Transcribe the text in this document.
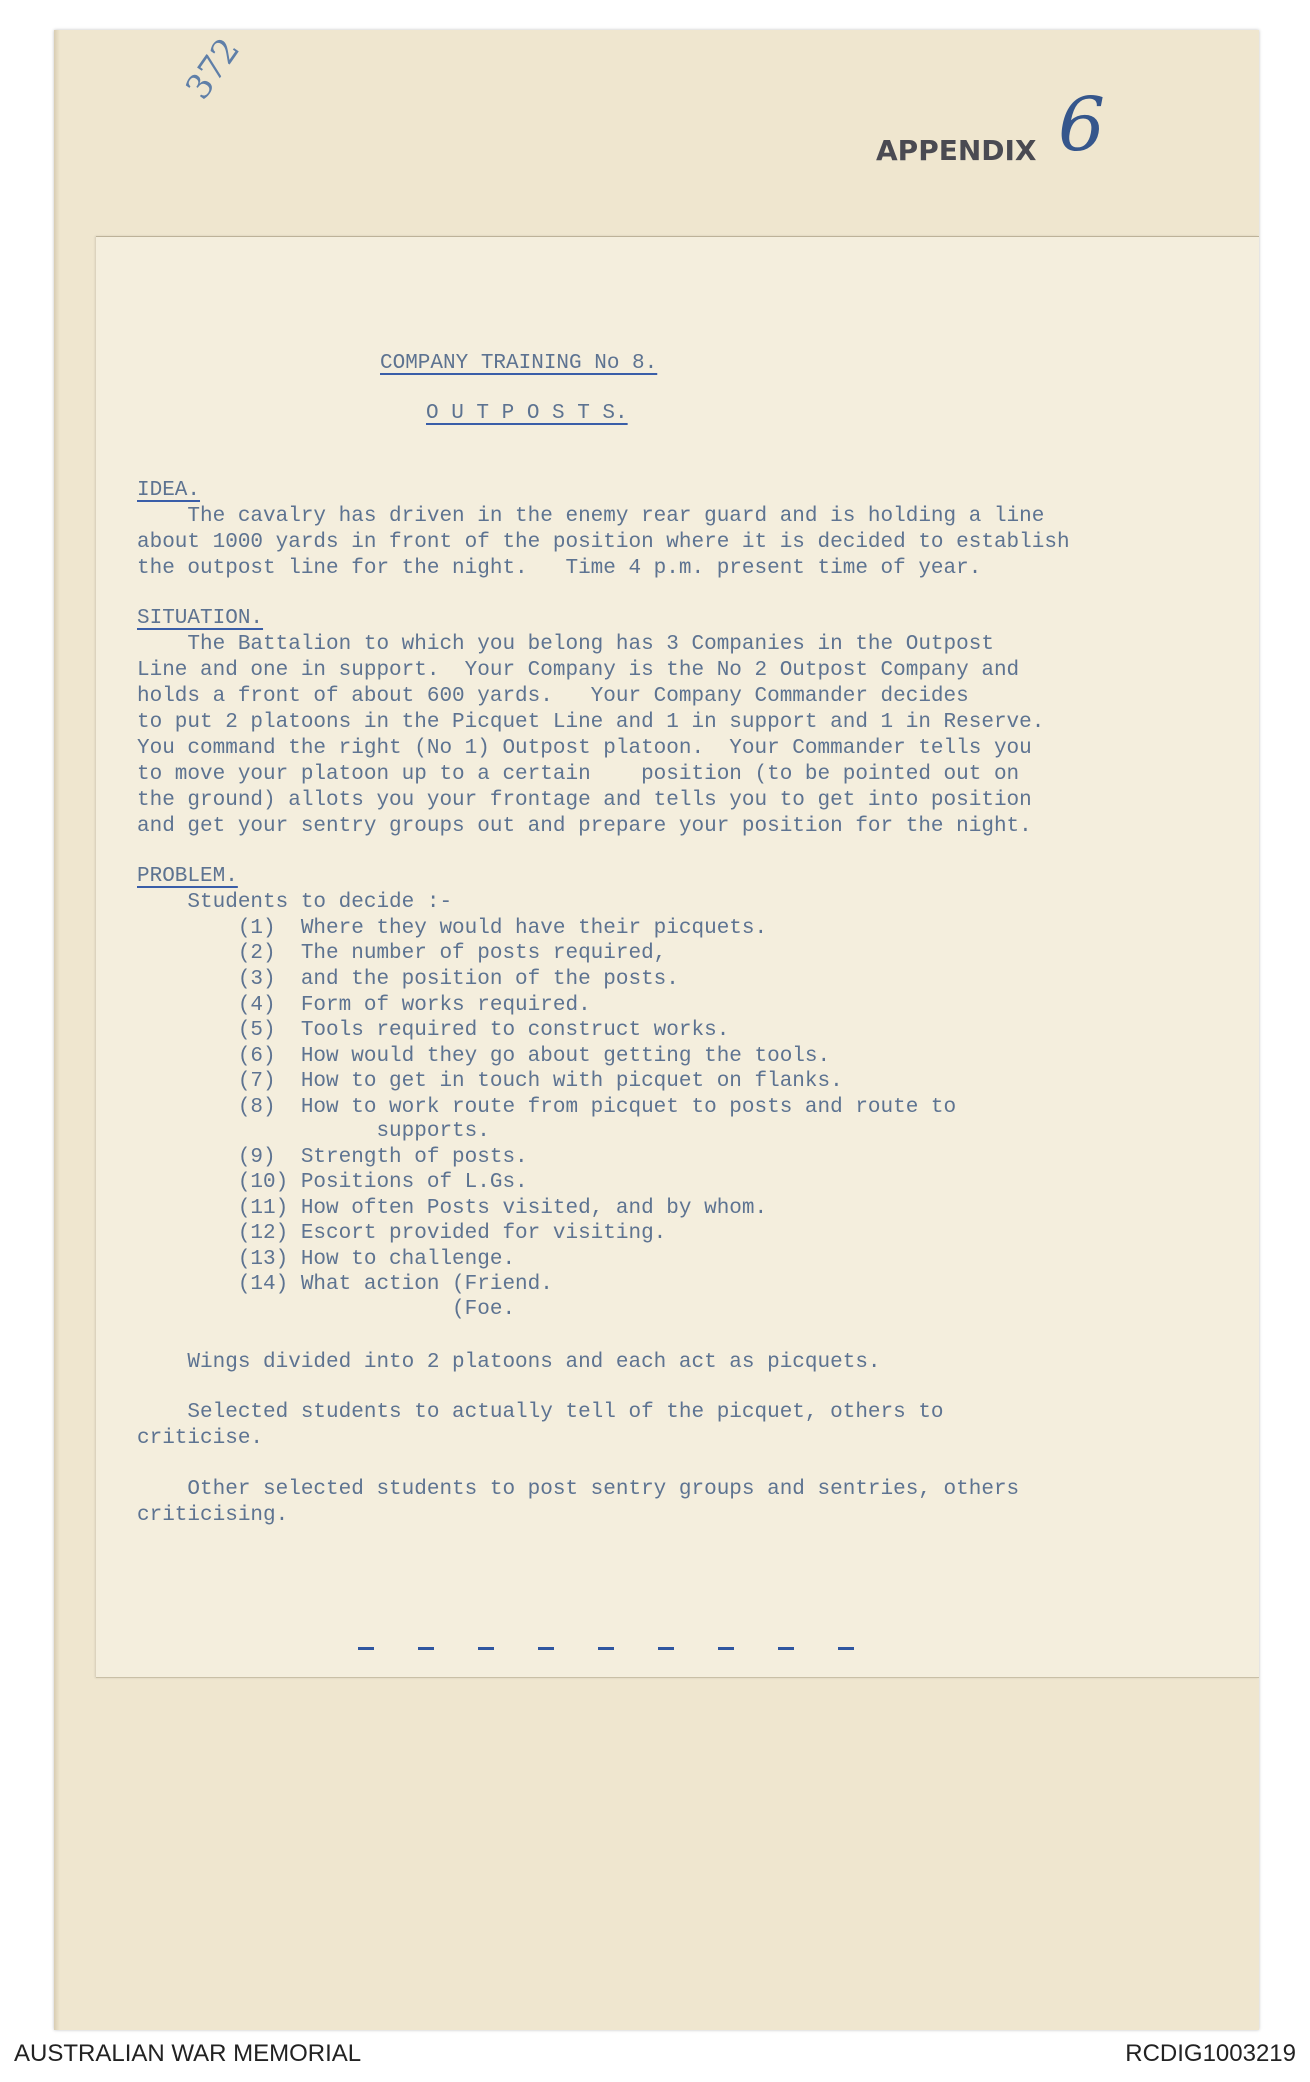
372
APPENDIX 6

COMPANY TRAINING No 8.

O U T P O S T S.

IDEA.

The cavalry has driven in the enemy rear guard and is holding a line

about 1000 yards in front of the position where it is decided to establish

the outpost line for the night.   Time 4 p.m. present time of year.

SITUATION.

The Battalion to which you belong has 3 Companies in the Outpost

Line and one in support.  Your Company is the No 2 Outpost Company and

holds a front of about 600 yards.   Your Company Commander decides

to put 2 platoons in the Picquet Line and 1 in support and 1 in Reserve.

You command the right (No 1) Outpost platoon.  Your Commander tells you

to move your platoon up to a certain    position (to be pointed out on

the ground) allots you your frontage and tells you to get into position

and get your sentry groups out and prepare your position for the night.

PROBLEM.

Students to decide :-

(1)  Where they would have their picquets.

(2)  The number of posts required,

(3)  and the position of the posts.

(4)  Form of works required.

(5)  Tools required to construct works.

(6)  How would they go about getting the tools.

(7)  How to get in touch with picquet on flanks.

(8)  How to work route from picquet to posts and route to

supports.

(9)  Strength of posts.

(10) Positions of L.Gs.

(11) How often Posts visited, and by whom.

(12) Escort provided for visiting.

(13) How to challenge.

(14) What action (Friend.

(Foe.

Wings divided into 2 platoons and each act as picquets.

Selected students to actually tell of the picquet, others to

criticise.

Other selected students to post sentry groups and sentries, others

criticising.

AUSTRALIAN WAR MEMORIAL	RCDIG1003219
